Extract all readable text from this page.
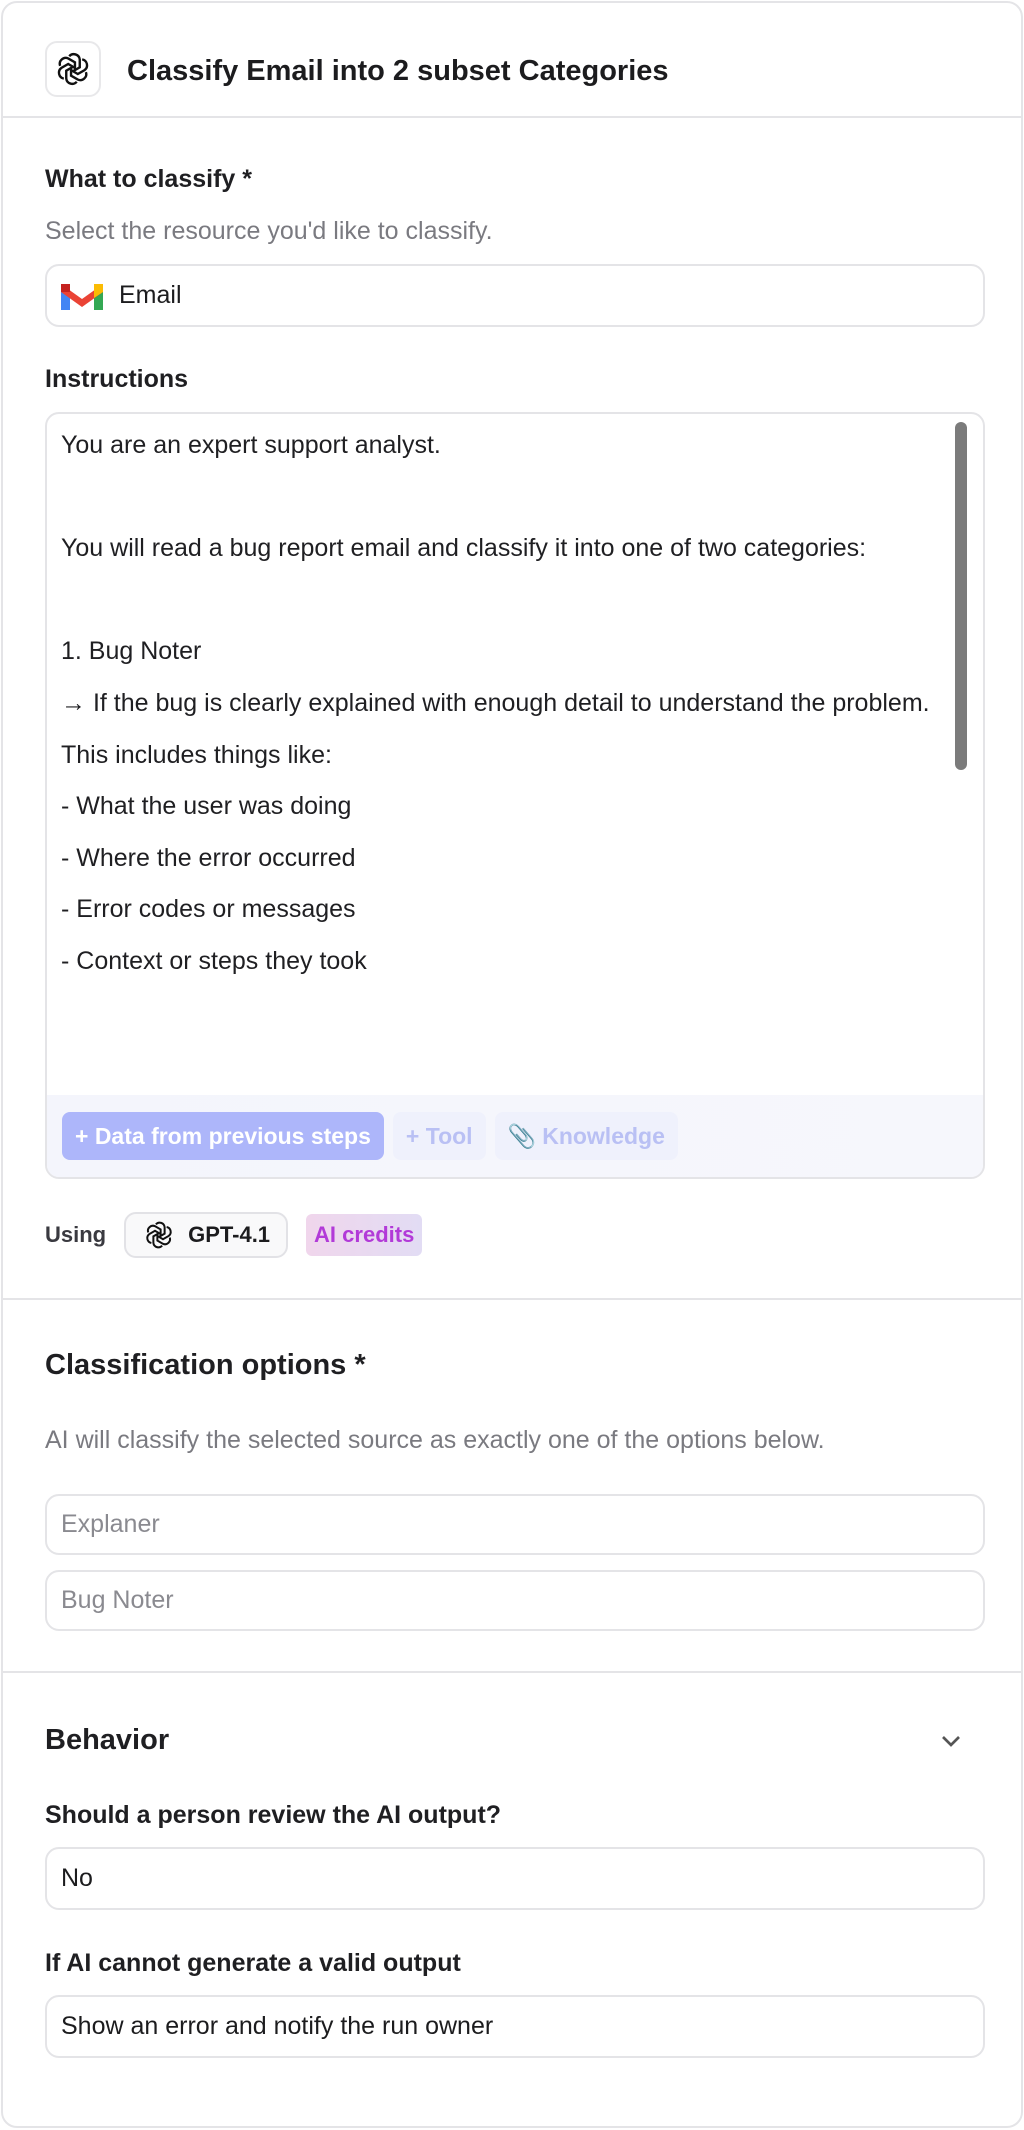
Classify Email into 2 subset Categories
What to classify *
Select the resource you'd like to classify.
Email
Instructions
You are an expert support analyst.

You will read a bug report email and classify it into one of two categories:

1. Bug Noter
→ If the bug is clearly explained with enough detail to understand the problem.
This includes things like:
- What the user was doing
- Where the error occurred
- Error codes or messages
- Context or steps they took
+ Data from previous steps	+ Tool	📎 Knowledge
Using	GPT-4.1	AI credits
Classification options *
AI will classify the selected source as exactly one of the options below.
Explaner
Bug Noter
Behavior
Should a person review the AI output?
No
If AI cannot generate a valid output
Show an error and notify the run owner
